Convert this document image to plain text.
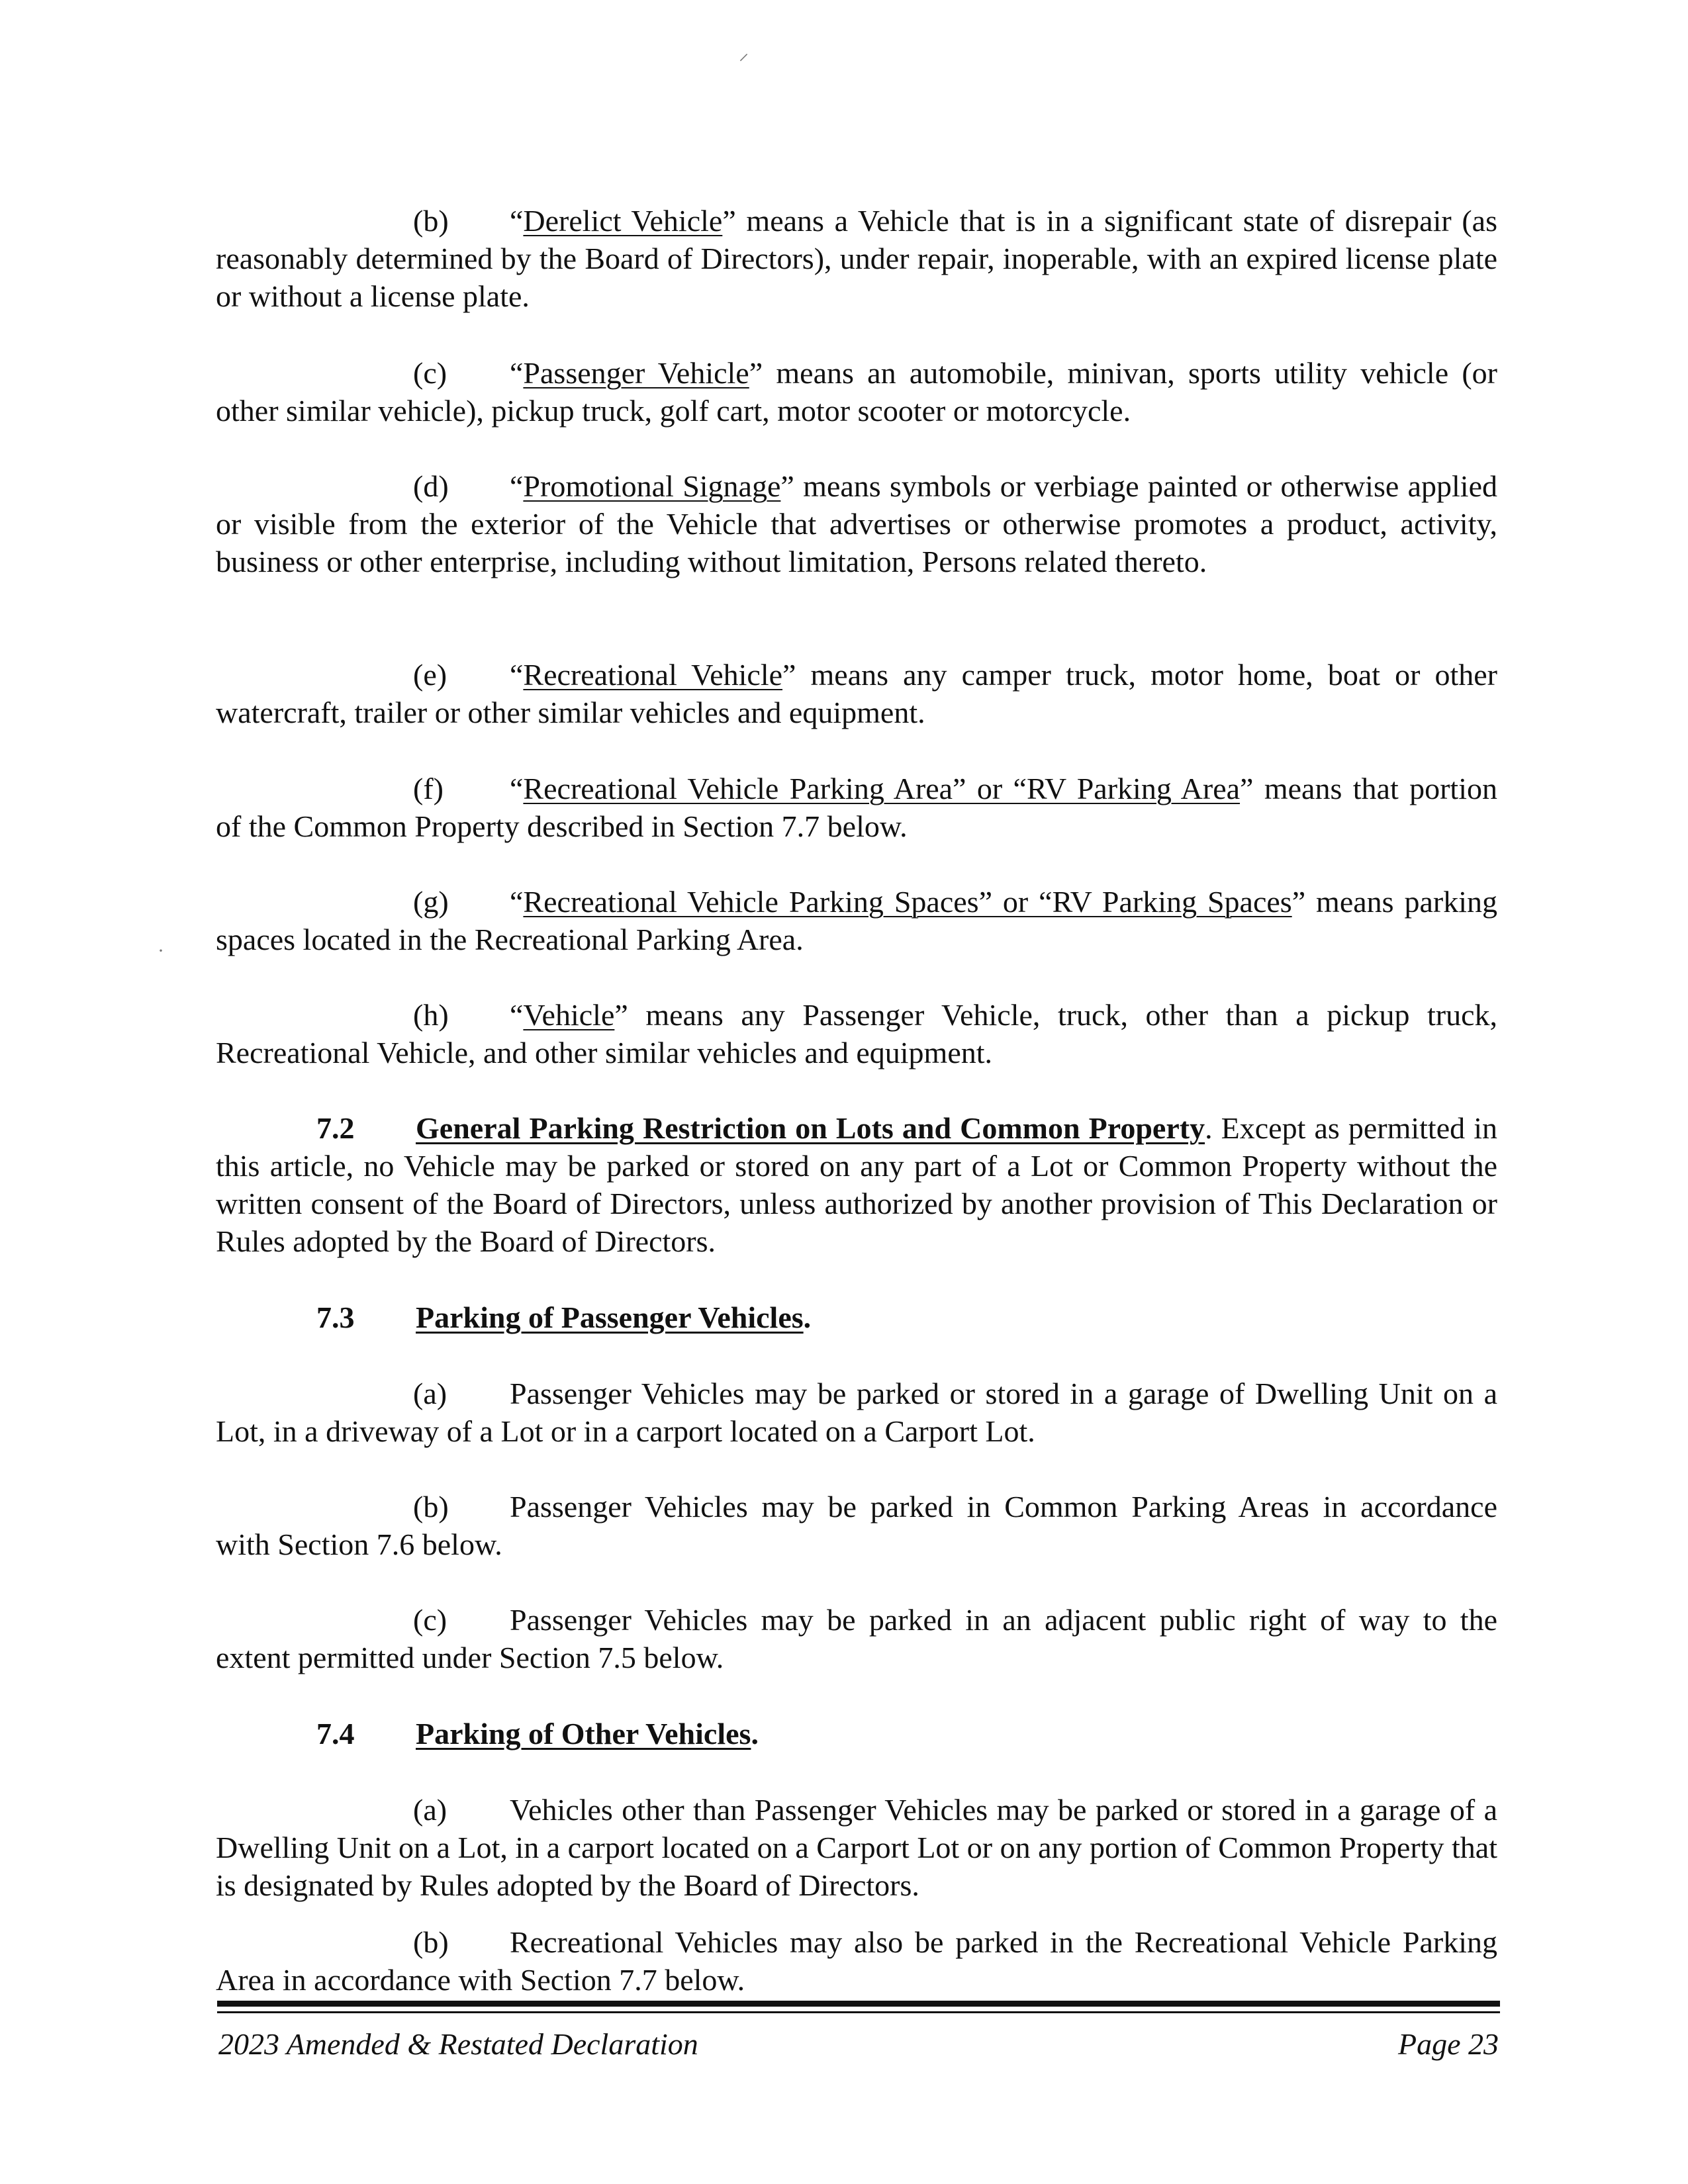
(b) “Derelict Vehicle” means a Vehicle that is in a significant state of disrepair (as reasonably determined by the Board of Directors), under repair, inoperable, with an expired license plate or without a license plate.

(c) “Passenger Vehicle” means an automobile, minivan, sports utility vehicle (or other similar vehicle), pickup truck, golf cart, motor scooter or motorcycle.

(d) “Promotional Signage” means symbols or verbiage painted or otherwise applied or visible from the exterior of the Vehicle that advertises or otherwise promotes a product, activity, business or other enterprise, including without limitation, Persons related thereto.

(e) “Recreational Vehicle” means any camper truck, motor home, boat or other watercraft, trailer or other similar vehicles and equipment.

(f) “Recreational Vehicle Parking Area” or “RV Parking Area” means that portion of the Common Property described in Section 7.7 below.

(g) “Recreational Vehicle Parking Spaces” or “RV Parking Spaces” means parking spaces located in the Recreational Parking Area.

(h) “Vehicle” means any Passenger Vehicle, truck, other than a pickup truck, Recreational Vehicle, and other similar vehicles and equipment.

7.2 General Parking Restriction on Lots and Common Property. Except as permitted in this article, no Vehicle may be parked or stored on any part of a Lot or Common Property without the written consent of the Board of Directors, unless authorized by another provision of This Declaration or Rules adopted by the Board of Directors.

7.3 Parking of Passenger Vehicles.

(a) Passenger Vehicles may be parked or stored in a garage of Dwelling Unit on a Lot, in a driveway of a Lot or in a carport located on a Carport Lot.

(b) Passenger Vehicles may be parked in Common Parking Areas in accordance with Section 7.6 below.

(c) Passenger Vehicles may be parked in an adjacent public right of way to the extent permitted under Section 7.5 below.

7.4 Parking of Other Vehicles.

(a) Vehicles other than Passenger Vehicles may be parked or stored in a garage of a Dwelling Unit on a Lot, in a carport located on a Carport Lot or on any portion of Common Property that is designated by Rules adopted by the Board of Directors.

(b) Recreational Vehicles may also be parked in the Recreational Vehicle Parking Area in accordance with Section 7.7 below.

2023 Amended & Restated Declaration	Page 23
⸝
·
